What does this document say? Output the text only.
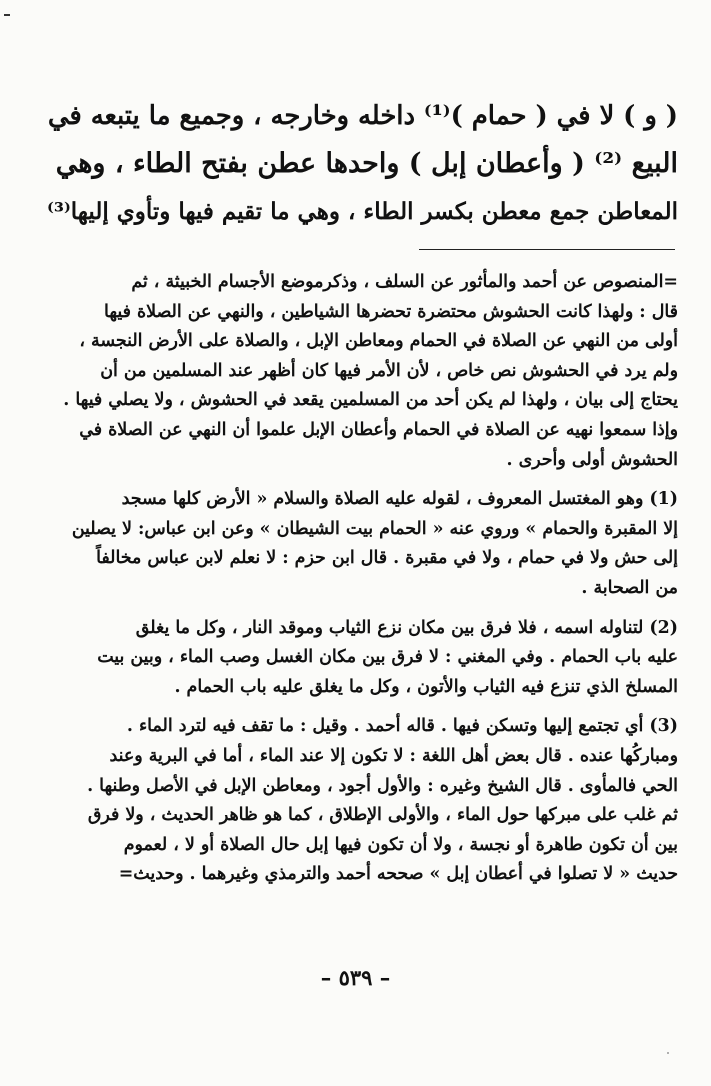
( و ) لا في ( حمام )⁽¹⁾ داخله وخارجه ، وجميع ما يتبعه في
البيع ⁽²⁾ ( وأعطان إبل ) واحدها عطن بفتح الطاء ، وهي
المعاطن جمع معطن بكسر الطاء ، وهي ما تقيم فيها وتأوي إليها⁽³⁾
=المنصوص عن أحمد والمأثور عن السلف ، وذكرموضع الأجسام الخبيثة ، ثم
قال : ولهذا كانت الحشوش محتضرة تحضرها الشياطين ، والنهي عن الصلاة فيها
أولى من النهي عن الصلاة في الحمام ومعاطن الإبل ، والصلاة على الأرض النجسة ،
ولم يرد في الحشوش نص خاص ، لأن الأمر فيها كان أظهر عند المسلمين من أن
يحتاج إلى بيان ، ولهذا لم يكن أحد من المسلمين يقعد في الحشوش ، ولا يصلي فيها .
وإذا سمعوا نهيه عن الصلاة في الحمام وأعطان الإبل علموا أن النهي عن الصلاة في
الحشوش أولى وأحرى .
(1) وهو المغتسل المعروف ، لقوله عليه الصلاة والسلام « الأرض كلها مسجد
إلا المقبرة والحمام » وروي عنه « الحمام بيت الشيطان » وعن ابن عباس: لا يصلين
إلى حش ولا في حمام ، ولا في مقبرة . قال ابن حزم : لا نعلم لابن عباس مخالفاً
من الصحابة .
(2) لتناوله اسمه ، فلا فرق بين مكان نزع الثياب وموقد النار ، وكل ما يغلق
عليه باب الحمام . وفي المغني : لا فرق بين مكان الغسل وصب الماء ، وبين بيت
المسلخ الذي تنزع فيه الثياب والأتون ، وكل ما يغلق عليه باب الحمام .
(3) أي تجتمع إليها وتسكن فيها . قاله أحمد . وقيل : ما تقف فيه لترد الماء .
ومباركُها عنده . قال بعض أهل اللغة : لا تكون إلا عند الماء ، أما في البرية وعند
الحي فالمأوى . قال الشيخ وغيره : والأول أجود ، ومعاطن الإبل في الأصل وطنها .
ثم غلب على مبركها حول الماء ، والأولى الإطلاق ، كما هو ظاهر الحديث ، ولا فرق
بين أن تكون طاهرة أو نجسة ، ولا أن تكون فيها إبل حال الصلاة أو لا ، لعموم
حديث « لا تصلوا في أعطان إبل » صححه أحمد والترمذي وغيرهما . وحديث=
– ٥٣٩ –
